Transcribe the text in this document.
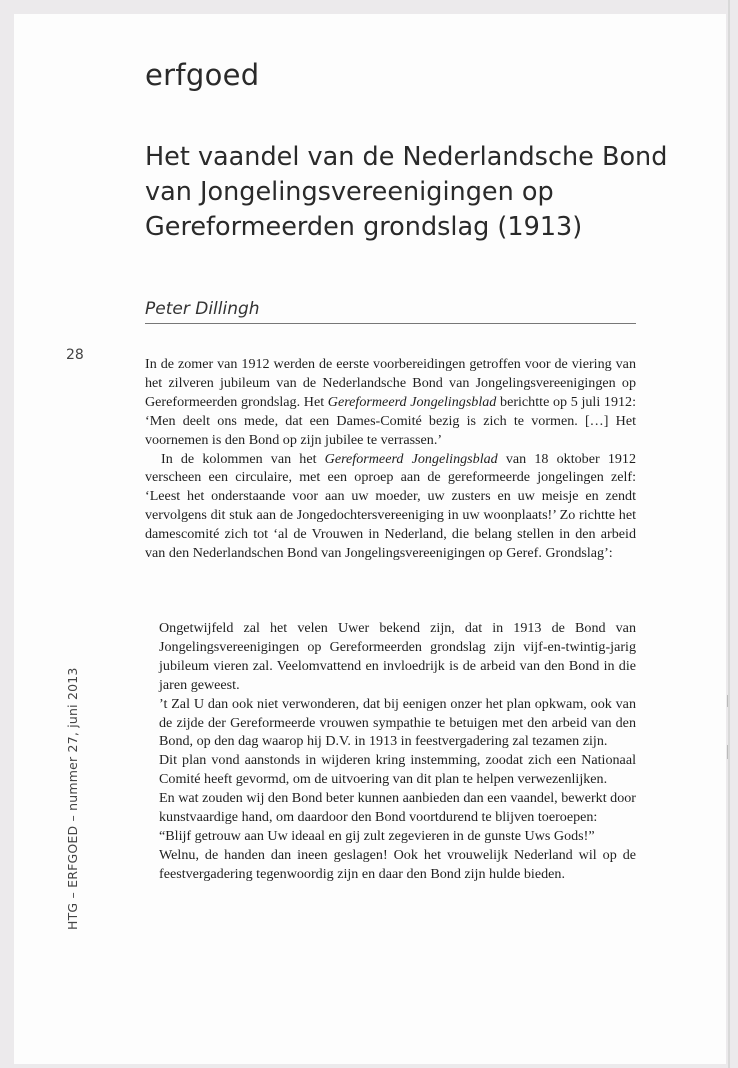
erfgoed
Het vaandel van de Nederlandsche Bond van Jongelingsvereenigingen op Gereformeerden grondslag (1913)
Peter Dillingh
28
HTG – ERFGOED – nummer 27, juni 2013

In de zomer van 1912 werden de eerste voorbereidingen getroffen voor de viering van het zilveren jubileum van de Nederlandsche Bond van Jongelingsvereenigingen op Gereformeerden grondslag. Het Gereformeerd Jongelingsblad berichtte op 5 juli 1912: ‘Men deelt ons mede, dat een Dames-Comité bezig is zich te vormen. […] Het voornemen is den Bond op zijn jubilee te verrassen.’

In de kolommen van het Gereformeerd Jongelingsblad van 18 oktober 1912 verscheen een circulaire, met een oproep aan de gereformeerde jongelingen zelf: ‘Leest het onderstaande voor aan uw moeder, uw zusters en uw meisje en zendt vervolgens dit stuk aan de Jongedochtersvereeniging in uw woonplaats!’ Zo richtte het damescomité zich tot ‘al de Vrouwen in Nederland, die belang stellen in den arbeid van den Nederlandschen Bond van Jongelingsvereenigingen op Geref. Grondslag’:

Ongetwijfeld zal het velen Uwer bekend zijn, dat in 1913 de Bond van Jongelingsvereenigingen op Gereformeerden grondslag zijn vijf-en-twintig-jarig jubileum vieren zal. Veelomvattend en invloedrijk is de arbeid van den Bond in die jaren geweest.

’t Zal U dan ook niet verwonderen, dat bij eenigen onzer het plan opkwam, ook van de zijde der Gereformeerde vrouwen sympathie te betuigen met den arbeid van den Bond, op den dag waarop hij D.V. in 1913 in feestvergadering zal tezamen zijn.

Dit plan vond aanstonds in wijderen kring instemming, zoodat zich een Nationaal Comité heeft gevormd, om de uitvoering van dit plan te helpen verwezenlijken.

En wat zouden wij den Bond beter kunnen aanbieden dan een vaandel, bewerkt door kunstvaardige hand, om daardoor den Bond voortdurend te blijven toeroepen:

“Blijf getrouw aan Uw ideaal en gij zult zegevieren in de gunste Uws Gods!”

Welnu, de handen dan ineen geslagen! Ook het vrouwelijk Nederland wil op de feestvergadering tegenwoordig zijn en daar den Bond zijn hulde bieden.
